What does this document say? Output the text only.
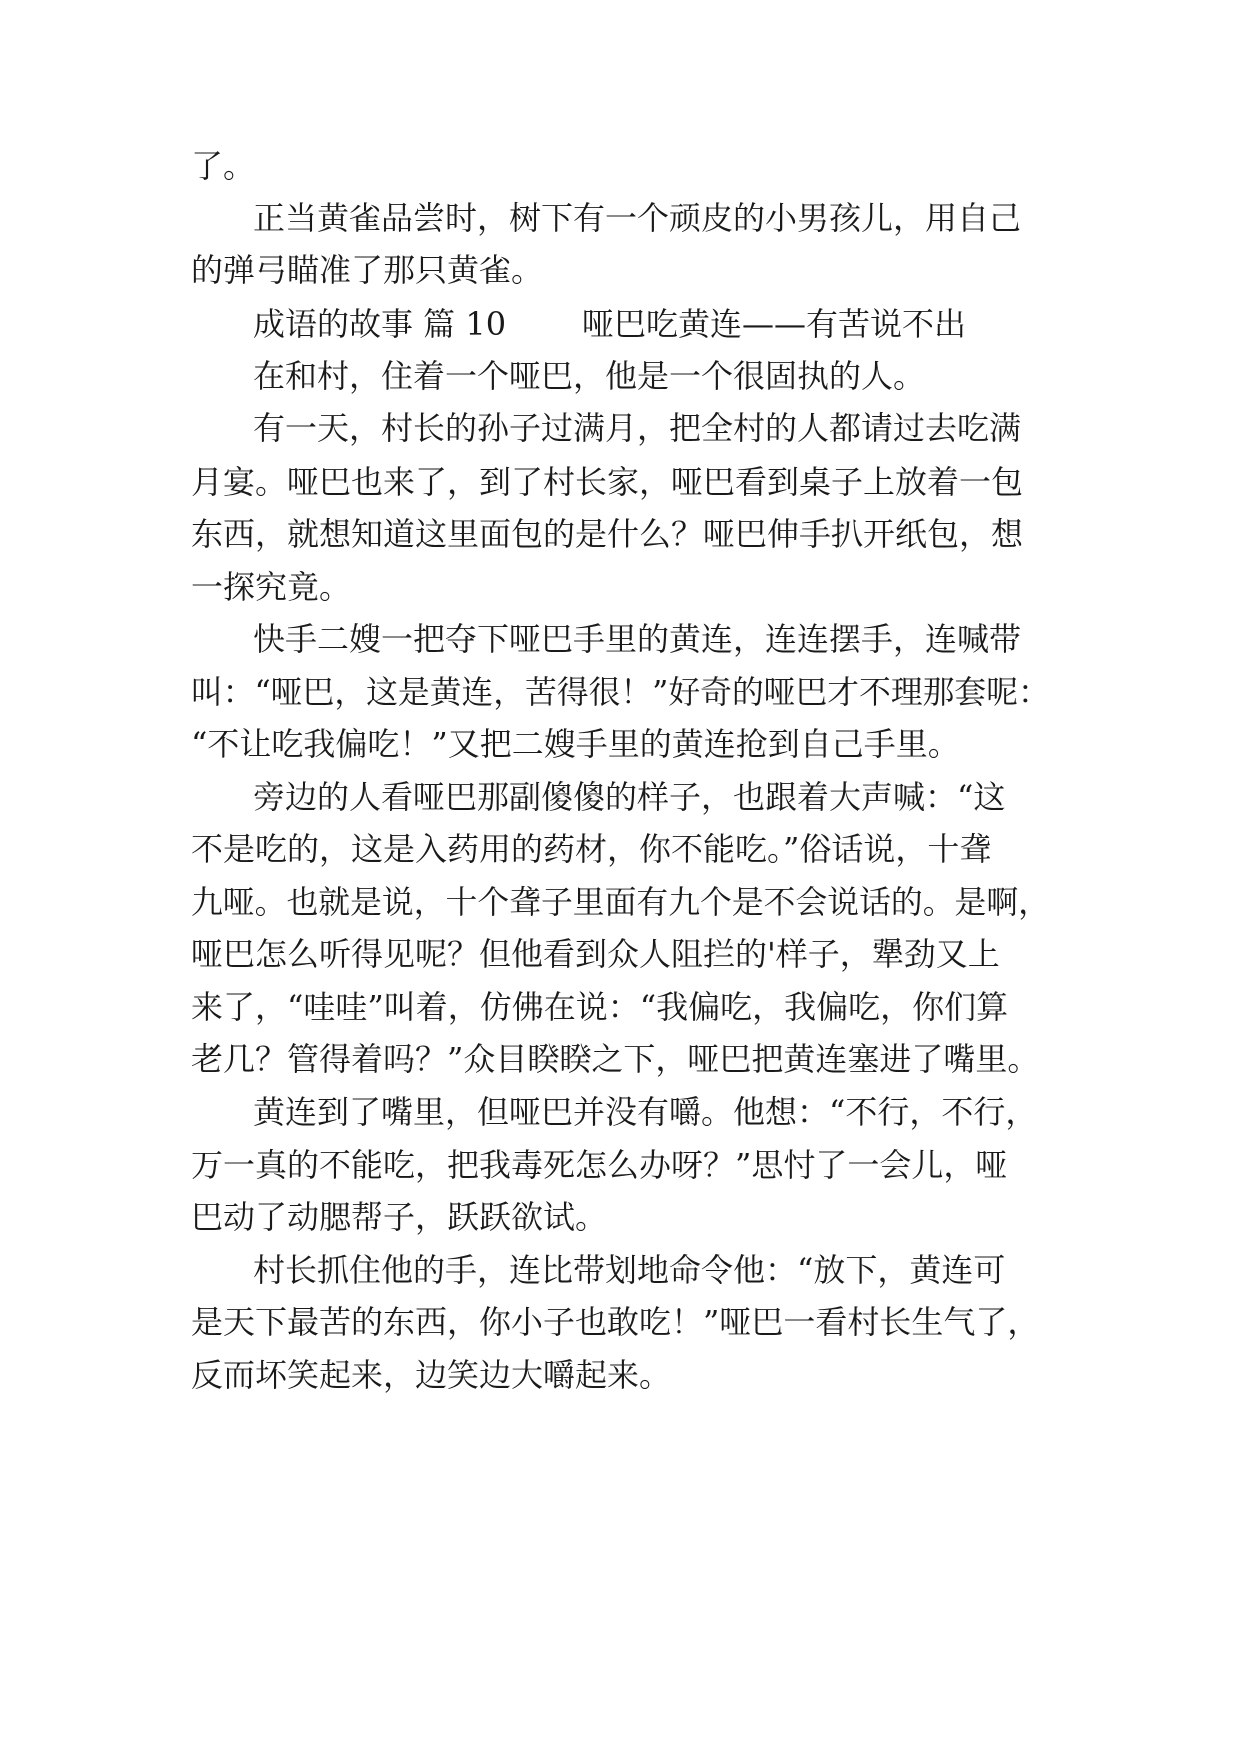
了。
正当黄雀品尝时，树下有一个顽皮的小男孩儿，用自己
的弹弓瞄准了那只黄雀。
成语的故事 篇 10 哑巴吃黄连——有苦说不出
在和村，住着一个哑巴，他是一个很固执的人。
有一天，村长的孙子过满月，把全村的人都请过去吃满
月宴。哑巴也来了，到了村长家，哑巴看到桌子上放着一包
东西，就想知道这里面包的是什么？哑巴伸手扒开纸包，想
一探究竟。
快手二嫂一把夺下哑巴手里的黄连，连连摆手，连喊带
叫：“哑巴，这是黄连，苦得很！”好奇的哑巴才不理那套呢：
“不让吃我偏吃！”又把二嫂手里的黄连抢到自己手里。
旁边的人看哑巴那副傻傻的样子，也跟着大声喊：“这
不是吃的，这是入药用的药材，你不能吃。”俗话说，十聋
九哑。也就是说，十个聋子里面有九个是不会说话的。是啊，
哑巴怎么听得见呢？但他看到众人阻拦的'样子，犟劲又上
来了，“哇哇”叫着，仿佛在说：“我偏吃，我偏吃，你们算
老几？管得着吗？”众目睽睽之下，哑巴把黄连塞进了嘴里。
黄连到了嘴里，但哑巴并没有嚼。他想：“不行，不行，
万一真的不能吃，把我毒死怎么办呀？”思忖了一会儿，哑
巴动了动腮帮子，跃跃欲试。
村长抓住他的手，连比带划地命令他：“放下，黄连可
是天下最苦的东西，你小子也敢吃！”哑巴一看村长生气了，
反而坏笑起来，边笑边大嚼起来。
